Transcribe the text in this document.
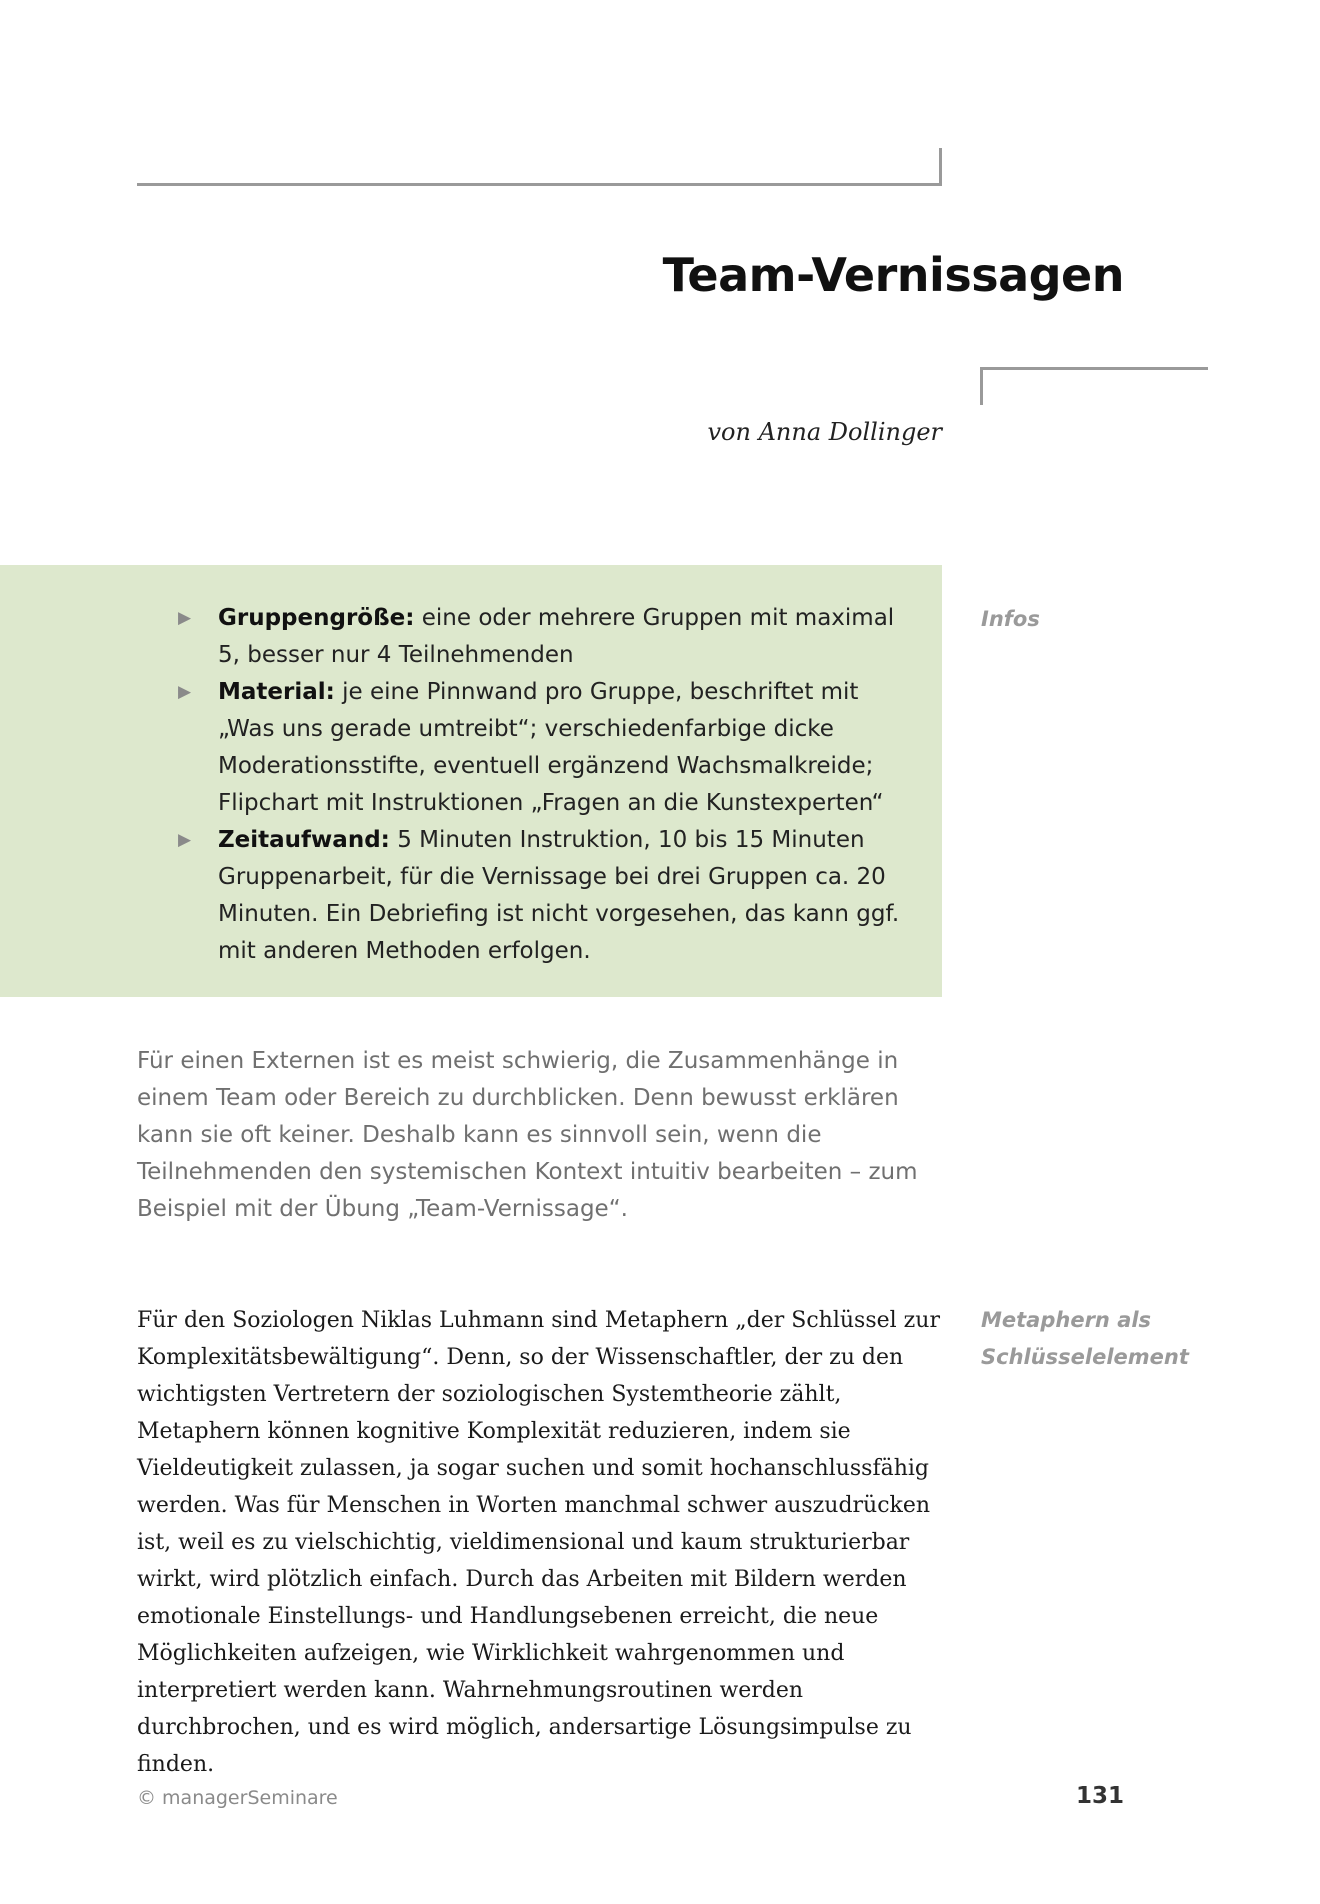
Team-Vernissagen
von Anna Dollinger
▶ Gruppengröße: eine oder mehrere Gruppen mit maximal 5, besser nur 4 Teilnehmenden
▶ Material: je eine Pinnwand pro Gruppe, beschriftet mit „Was uns gerade umtreibt“; verschiedenfarbige dicke Moderationsstifte, eventuell ergänzend Wachsmalkreide; Flipchart mit Instruktionen „Fragen an die Kunstexperten“
▶ Zeitaufwand: 5 Minuten Instruktion, 10 bis 15 Minuten Gruppenarbeit, für die Vernissage bei drei Gruppen ca. 20 Minuten. Ein Debriefing ist nicht vorgesehen, das kann ggf. mit anderen Methoden erfolgen.
Infos

Für einen Externen ist es meist schwierig, die Zusammenhänge in einem Team oder Bereich zu durchblicken. Denn bewusst erklären kann sie oft keiner. Deshalb kann es sinnvoll sein, wenn die Teilnehmenden den systemischen Kontext intuitiv bearbeiten – zum Beispiel mit der Übung „Team-Vernissage“.

Metaphern als
Schlüsselelement

Für den Soziologen Niklas Luhmann sind Metaphern „der Schlüssel zur Komplexitätsbewältigung“. Denn, so der Wissenschaftler, der zu den wichtigsten Vertretern der soziologischen Systemtheorie zählt, Metaphern können kognitive Komplexität reduzieren, indem sie Vieldeutigkeit zulassen, ja sogar suchen und somit hochanschlussfähig werden. Was für Menschen in Worten manchmal schwer auszudrücken ist, weil es zu vielschichtig, vieldimensional und kaum strukturierbar wirkt, wird plötzlich einfach. Durch das Arbeiten mit Bildern werden emotionale Einstellungs- und Handlungsebenen erreicht, die neue Möglichkeiten aufzeigen, wie Wirklichkeit wahrgenommen und interpretiert werden kann. Wahrnehmungsroutinen werden durchbrochen, und es wird möglich, andersartige Lösungsimpulse zu finden.

© managerSeminare	131
